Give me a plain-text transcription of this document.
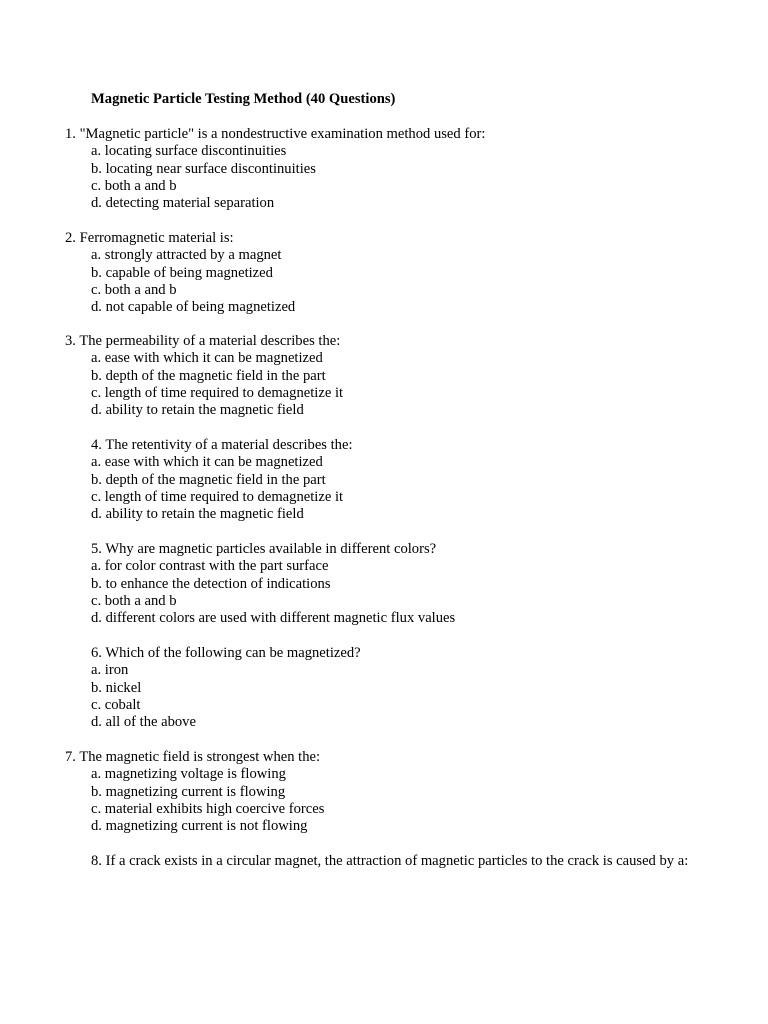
Magnetic Particle Testing Method (40 Questions)
1. "Magnetic particle" is a nondestructive examination method used for:
a. locating surface discontinuities
b. locating near surface discontinuities
c. both a and b
d. detecting material separation
2. Ferromagnetic material is:
a. strongly attracted by a magnet
b. capable of being magnetized
c. both a and b
d. not capable of being magnetized
3. The permeability of a material describes the:
a. ease with which it can be magnetized
b. depth of the magnetic field in the part
c. length of time required to demagnetize it
d. ability to retain the magnetic field
4. The retentivity of a material describes the:
a. ease with which it can be magnetized
b. depth of the magnetic field in the part
c. length of time required to demagnetize it
d. ability to retain the magnetic field
5. Why are magnetic particles available in different colors?
a. for color contrast with the part surface
b. to enhance the detection of indications
c. both a and b
d. different colors are used with different magnetic flux values
6. Which of the following can be magnetized?
a. iron
b. nickel
c. cobalt
d. all of the above
7. The magnetic field is strongest when the:
a. magnetizing voltage is flowing
b. magnetizing current is flowing
c. material exhibits high coercive forces
d. magnetizing current is not flowing
8. If a crack exists in a circular magnet, the attraction of magnetic particles to the crack is caused by a:
